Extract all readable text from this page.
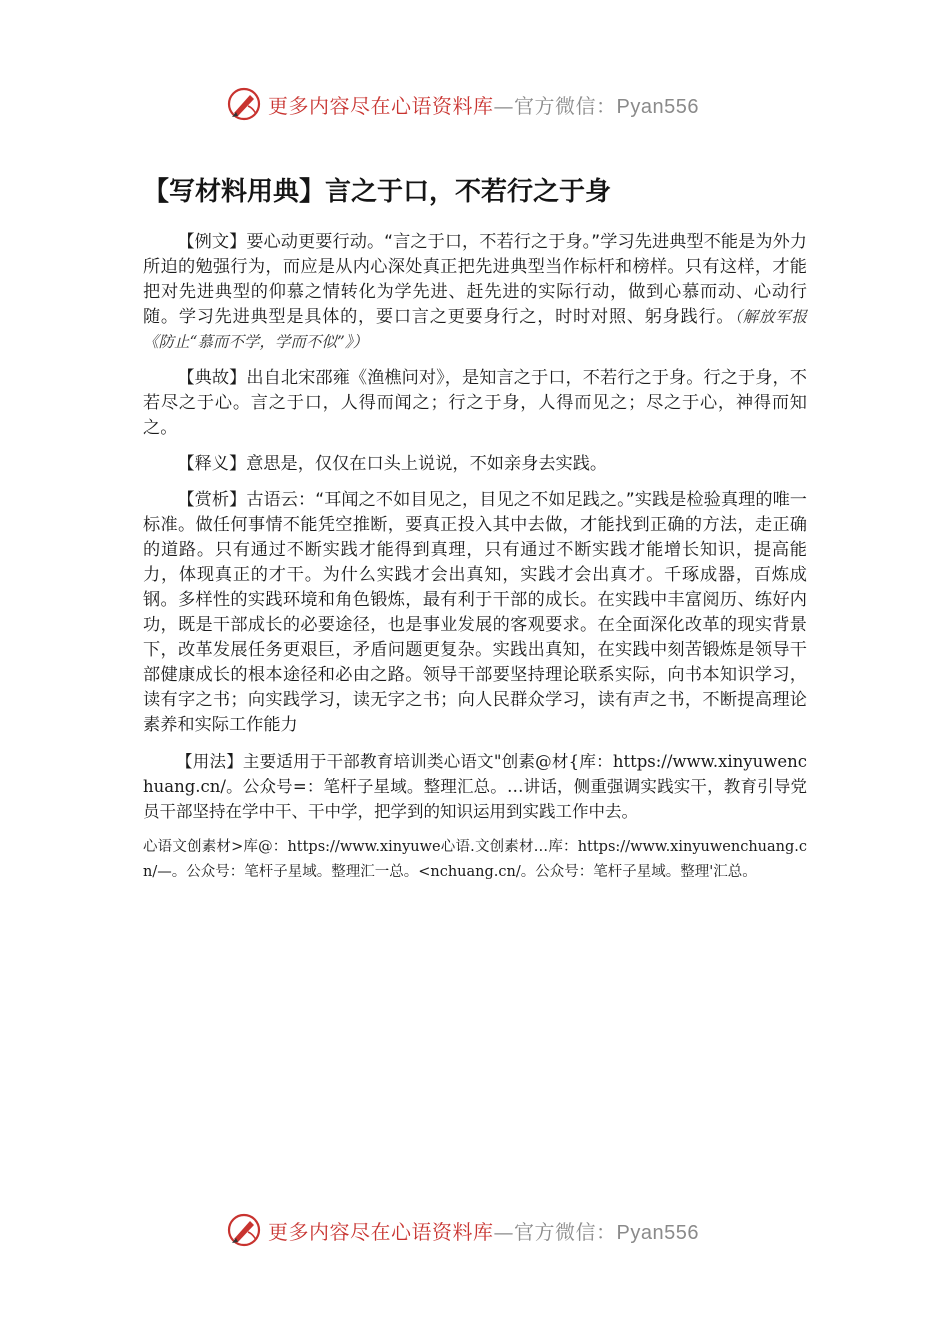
更多内容尽在心语资料库—官方微信：Pyan556
【写材料用典】言之于口，不若行之于身

【例文】要心动更要行动。“言之于口，不若行之于身。”学习先进典型不能是为外力所迫的勉强行为，而应是从内心深处真正把先进典型当作标杆和榜样。只有这样，才能把对先进典型的仰慕之情转化为学先进、赶先进的实际行动，做到心慕而动、心动行随。学习先进典型是具体的，要口言之更要身行之，时时对照、躬身践行。（解放军报《防止“慕而不学，学而不似”》）

【典故】出自北宋邵雍《渔樵问对》，是知言之于口，不若行之于身。行之于身，不若尽之于心。言之于口，人得而闻之；行之于身，人得而见之；尽之于心，神得而知之。

【释义】意思是，仅仅在口头上说说，不如亲身去实践。

【赏析】古语云：“耳闻之不如目见之，目见之不如足践之。”实践是检验真理的唯一标准。做任何事情不能凭空推断，要真正投入其中去做，才能找到正确的方法，走正确的道路。只有通过不断实践才能得到真理，只有通过不断实践才能增长知识，提高能力，体现真正的才干。为什么实践才会出真知，实践才会出真才。千琢成器，百炼成钢。多样性的实践环境和角色锻炼，最有利于干部的成长。在实践中丰富阅历、练好内功，既是干部成长的必要途径，也是事业发展的客观要求。在全面深化改革的现实背景下，改革发展任务更艰巨，矛盾问题更复杂。实践出真知，在实践中刻苦锻炼是领导干部健康成长的根本途径和必由之路。领导干部要坚持理论联系实际，向书本知识学习，读有字之书；向实践学习，读无字之书；向人民群众学习，读有声之书，不断提高理论素养和实际工作能力

【用法】主要适用于干部教育培训类心语文"创素@材{库：https://www.xinyuwenchuang.cn/。公众号=：笔杆子星域。整理汇总。…讲话，侧重强调实践实干，教育引导党员干部坚持在学中干、干中学，把学到的知识运用到实践工作中去。

心语文创素材>库@：https://www.xinyuwe心语.文创素材…库：https://www.xinyuwenchuang.cn/—。公众号：笔杆子星域。整理汇一总。<nchuang.cn/。公众号：笔杆子星域。整理'汇总。

更多内容尽在心语资料库—官方微信：Pyan556
